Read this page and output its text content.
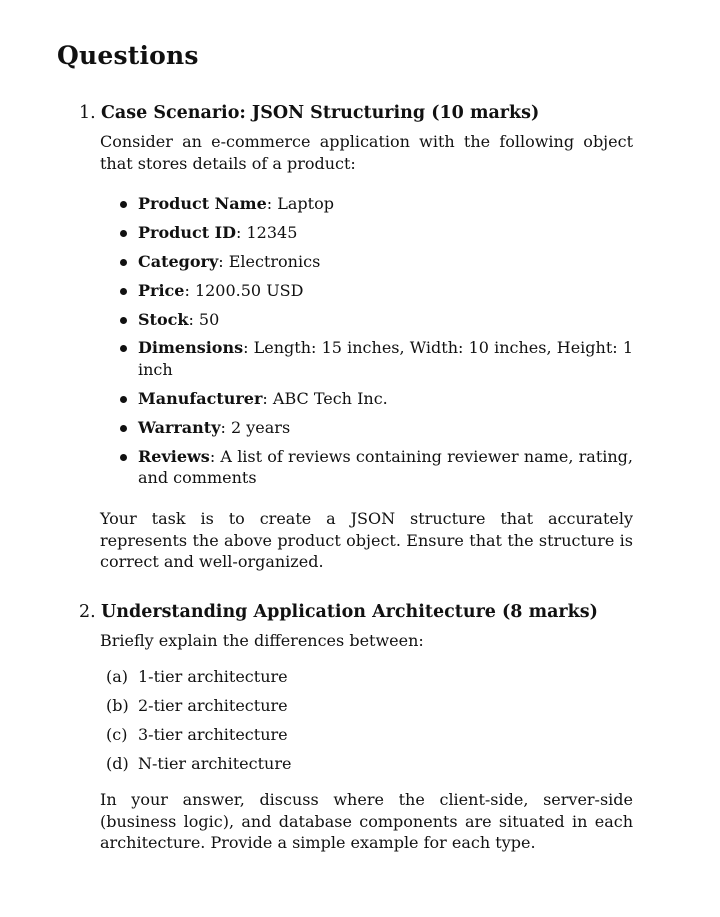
Questions
1. Case Scenario: JSON Structuring (10 marks)

Consider an e-commerce application with the following object that stores details of a product:

Product Name: Laptop
Product ID: 12345
Category: Electronics
Price: 1200.50 USD
Stock: 50
Dimensions: Length: 15 inches, Width: 10 inches, Height: 1 inch
Manufacturer: ABC Tech Inc.
Warranty: 2 years
Reviews: A list of reviews containing reviewer name, rating, and comments

Your task is to create a JSON structure that accurately represents the above product object. Ensure that the structure is correct and well-organized.

2. Understanding Application Architecture (8 marks)

Briefly explain the differences between:

(a) 1-tier architecture
(b) 2-tier architecture
(c) 3-tier architecture
(d) N-tier architecture

In your answer, discuss where the client-side, server-side (business logic), and database components are situated in each architecture. Provide a simple example for each type.
